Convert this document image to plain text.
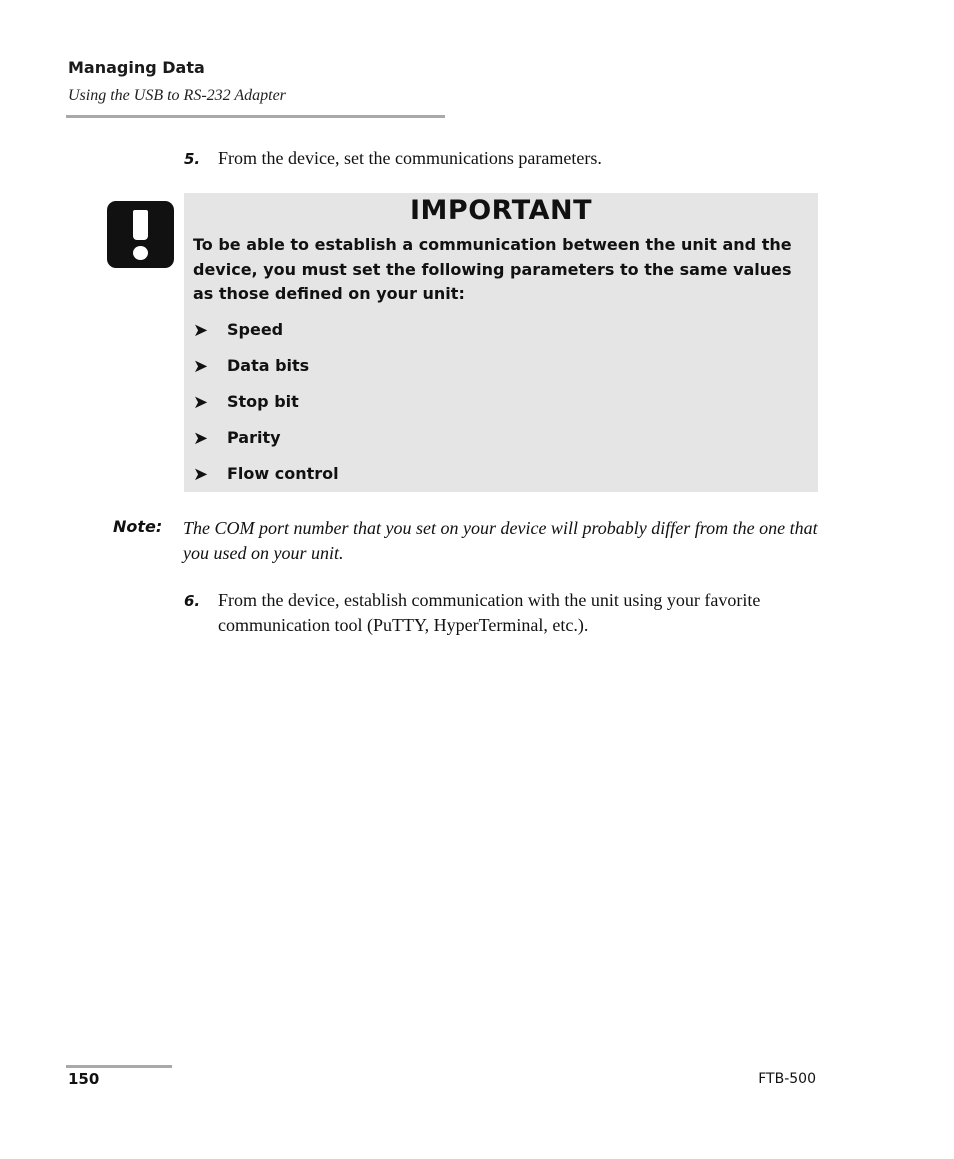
Managing Data
Using the USB to RS-232 Adapter
5. From the device, set the communications parameters.
IMPORTANT
To be able to establish a communication between the unit and the device, you must set the following parameters to the same values as those defined on your unit:
➤ Speed
➤ Data bits
➤ Stop bit
➤ Parity
➤ Flow control
Note: The COM port number that you set on your device will probably differ from the one that you used on your unit.
6. From the device, establish communication with the unit using your favorite communication tool (PuTTY, HyperTerminal, etc.).
150	FTB-500
